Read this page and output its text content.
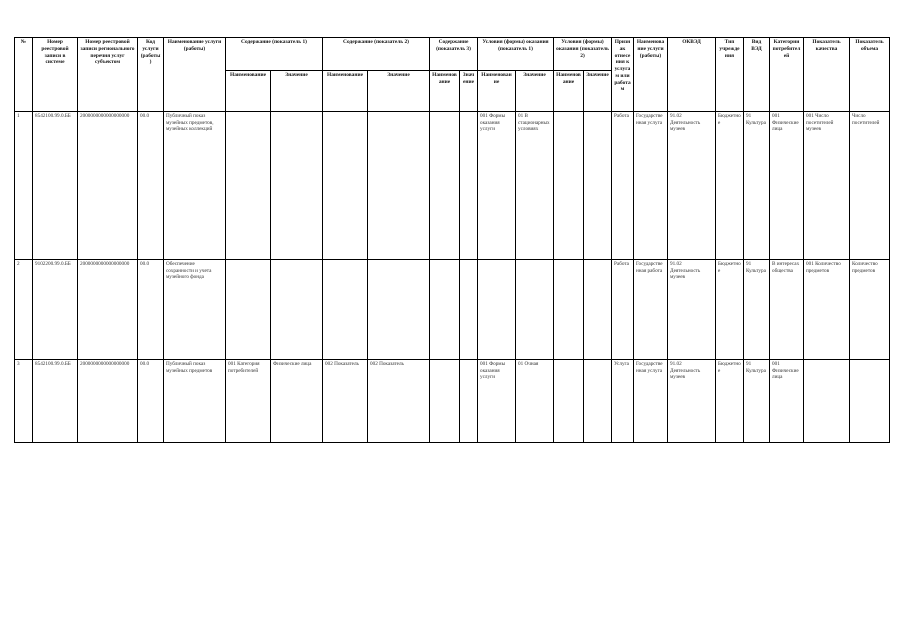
№	Номер реестровой записи в системе	Номер реестровой записи регионального перечня услуг субъектом	Код услуги (работы)	Наименование услуги (работы)	Содержание (показатель 1)		Содержание (показатель 2)		Содержание (показатель 3)		Условия (формы) оказания (показатель 1)		Условия (формы) оказания (показатель 2)		Признак отнесения к услугам или работам	Наименование услуги (работы)	ОКВЭД	Тип учреждения	Вид ВЭД	Категории потребителей	Показатель качества	Показатель объема
					Наименование	Значение	Наименование	Значение	Наименование	Значение	Наименование	Значение	Наименование	Значение								
1	8542100.99.0.ББ	2000000000000000000	00.0	Публичный показ музейных предметов, музейных коллекций							001 Формы оказания услуги	01 В стационарных условиях			Работа	Государственная услуга	91.02 Деятельность музеев	Бюджетное	91 Культура	001 Физические лица	001 Число посетителей музеев	Число посетителей
2	9102200.99.0.ББ	2000000000000000000	00.0	Обеспечение сохранности и учета музейного фонда											Работа	Государственная работа	91.02 Деятельность музеев	Бюджетное	91 Культура	В интересах общества	001 Количество предметов	Количество предметов
3	8542100.99.0.ББ	2000000000000000000	00.0	Публичный показ музейных предметов	001 Категория потребителей	Физические лица	002 Показатель	002 Показатель			001 Формы оказания услуги	01 Очная			Услуга	Государственная услуга	91.02 Деятельность музеев	Бюджетное	91 Культура	001 Физические лица		
